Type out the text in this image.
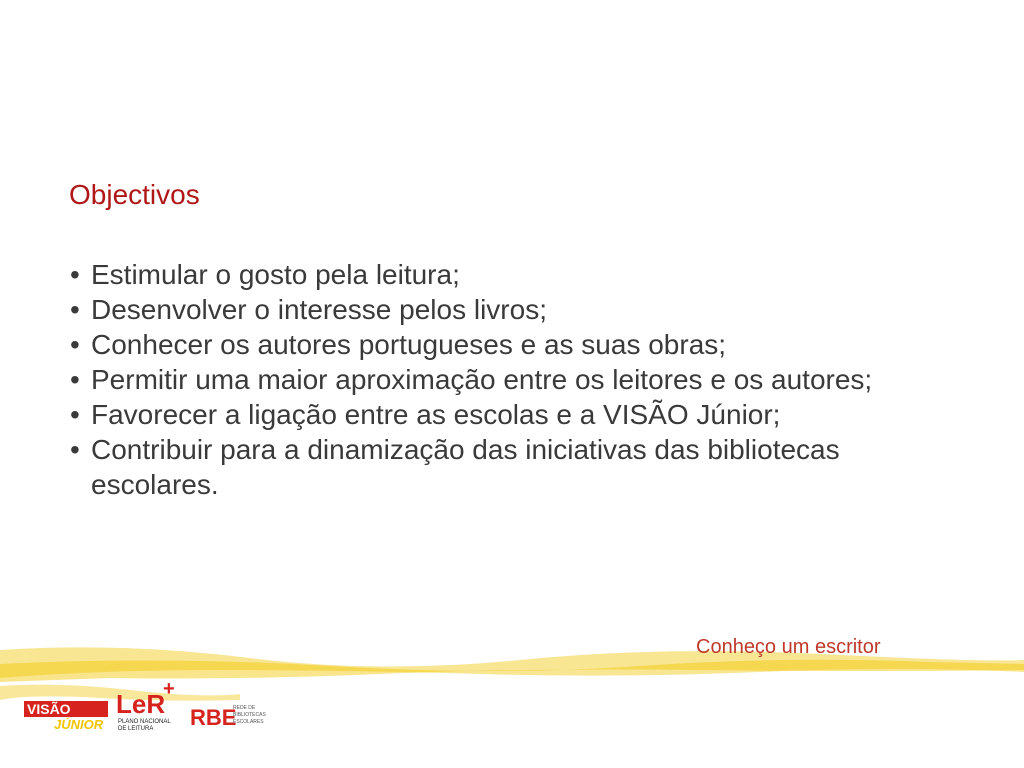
Objectivos
• Estimular o gosto pela leitura;
• Desenvolver o interesse pelos livros;
• Conhecer os autores portugueses e as suas obras;
• Permitir uma maior aproximação entre os leitores e os autores;
• Favorecer a ligação entre as escolas e a VISÃO Júnior;
• Contribuir para a dinamização das iniciativas das bibliotecas escolares.
Conheço um escritor
VISÃO
JÚNIOR
LeR
+
PLANO NACIONAL
DE LEITURA RBE
REDE DE
BIBLIOTECAS
ESCOLARES
